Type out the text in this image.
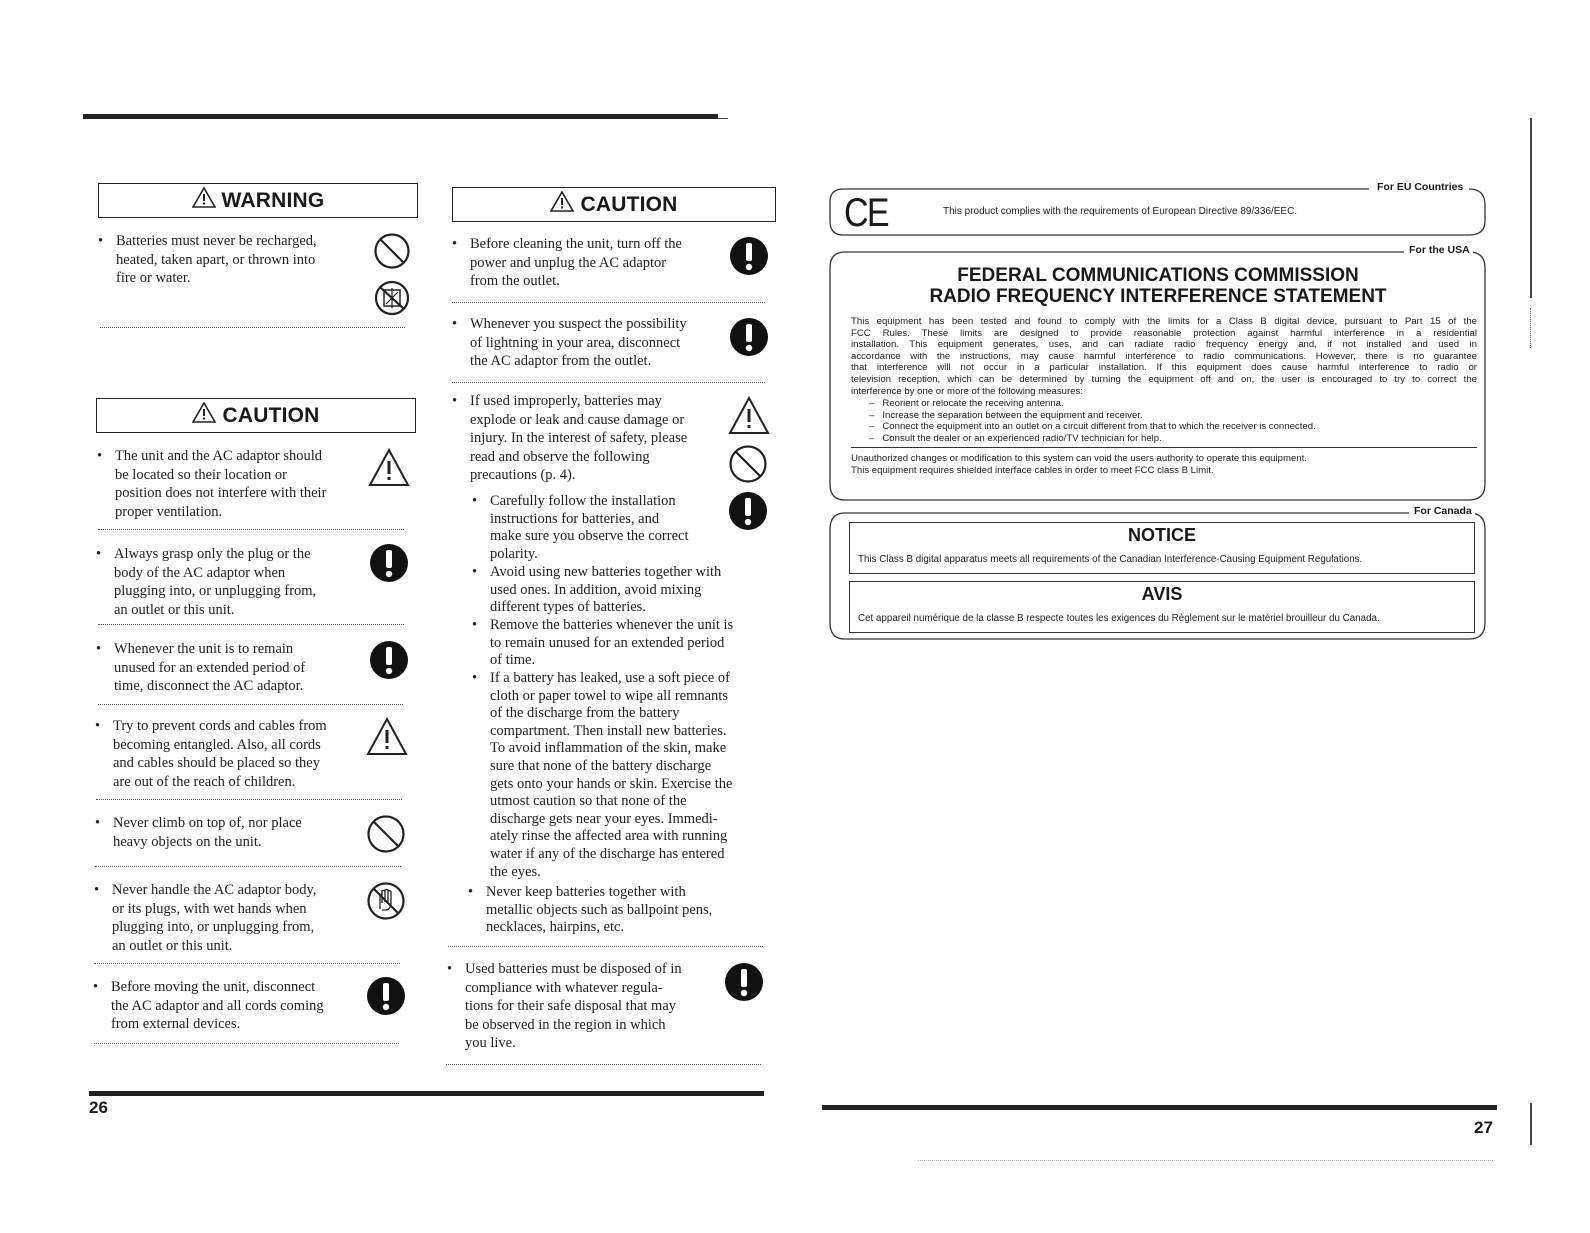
WARNING
• Batteries must never be recharged,
heated, taken apart, or thrown into
fire or water.
CAUTION
• The unit and the AC adaptor should
be located so their location or
position does not interfere with their
proper ventilation.
• Always grasp only the plug or the
body of the AC adaptor when
plugging into, or unplugging from,
an outlet or this unit.
• Whenever the unit is to remain
unused for an extended period of
time, disconnect the AC adaptor.
• Try to prevent cords and cables from
becoming entangled. Also, all cords
and cables should be placed so they
are out of the reach of children.
• Never climb on top of, nor place
heavy objects on the unit.
• Never handle the AC adaptor body,
or its plugs, with wet hands when
plugging into, or unplugging from,
an outlet or this unit.
• Before moving the unit, disconnect
the AC adaptor and all cords coming
from external devices.
26
CAUTION
• Before cleaning the unit, turn off the
power and unplug the AC adaptor
from the outlet.
• Whenever you suspect the possibility
of lightning in your area, disconnect
the AC adaptor from the outlet.
• If used improperly, batteries may
explode or leak and cause damage or
injury. In the interest of safety, please
read and observe the following
precautions (p. 4).
• Carefully follow the installation
instructions for batteries, and
make sure you observe the correct
polarity.
• Avoid using new batteries together with
used ones. In addition, avoid mixing
different types of batteries.
• Remove the batteries whenever the unit is
to remain unused for an extended period
of time.
• If a battery has leaked, use a soft piece of
cloth or paper towel to wipe all remnants
of the discharge from the battery
compartment. Then install new batteries.
To avoid inflammation of the skin, make
sure that none of the battery discharge
gets onto your hands or skin. Exercise the
utmost caution so that none of the
discharge gets near your eyes. Immedi-
ately rinse the affected area with running
water if any of the discharge has entered
the eyes.
• Never keep batteries together with
metallic objects such as ballpoint pens,
necklaces, hairpins, etc.
• Used batteries must be disposed of in
compliance with whatever regula-
tions for their safe disposal that may
be observed in the region in which
you live.
For EU Countries
CE	This product complies with the requirements of European Directive 89/336/EEC.
For the USA
FEDERAL COMMUNICATIONS COMMISSION
RADIO FREQUENCY INTERFERENCE STATEMENT
This equipment has been tested and found to comply with the limits for a Class B digital device, pursuant to Part 15 of the
FCC Rules. These limits are designed to provide reasonable protection against harmful interference in a residential
installation. This equipment generates, uses, and can radiate radio frequency energy and, if not installed and used in
accordance with the instructions, may cause harmful interference to radio communications. However, there is no guarantee
that interference will not occur in a particular installation. If this equipment does cause harmful interference to radio or
television reception, which can be determined by turning the equipment off and on, the user is encouraged to try to correct the
interference by one or more of the following measures:
–   Reorient or relocate the receiving antenna.
–   Increase the separation between the equipment and receiver.
–   Connect the equipment into an outlet on a circuit different from that to which the receiver is connected.
–   Consult the dealer or an experienced radio/TV technician for help.
Unauthorized changes or modification to this system can void the users authority to operate this equipment.
This equipment requires shielded interface cables in order to meet FCC class B Limit.
For Canada
NOTICE
This Class B digital apparatus meets all requirements of the Canadian Interference-Causing Equipment Regulations.
AVIS
Cet appareil numérique de la classe B respecte toutes les exigences du Règlement sur le matériel brouilleur du Canada.
27
